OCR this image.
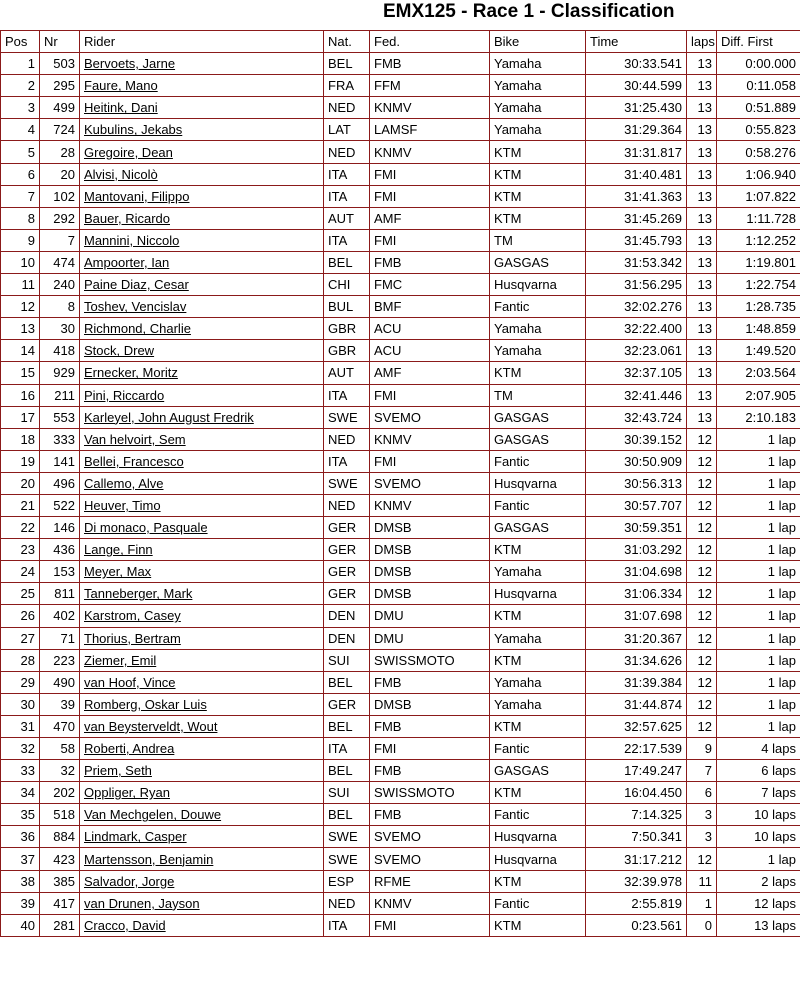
EMX125 - Race 1 - Classification
Pos	Nr	Rider	Nat.	Fed.	Bike	Time	laps	Diff. First	
1	503	Bervoets, Jarne	BEL	FMB	Yamaha	30:33.541	13	0:00.000	
2	295	Faure, Mano	FRA	FFM	Yamaha	30:44.599	13	0:11.058	
3	499	Heitink, Dani	NED	KNMV	Yamaha	31:25.430	13	0:51.889	
4	724	Kubulins, Jekabs	LAT	LAMSF	Yamaha	31:29.364	13	0:55.823	
5	28	Gregoire, Dean	NED	KNMV	KTM	31:31.817	13	0:58.276	
6	20	Alvisi, Nicolò	ITA	FMI	KTM	31:40.481	13	1:06.940	
7	102	Mantovani, Filippo	ITA	FMI	KTM	31:41.363	13	1:07.822	
8	292	Bauer, Ricardo	AUT	AMF	KTM	31:45.269	13	1:11.728	
9	7	Mannini, Niccolo	ITA	FMI	TM	31:45.793	13	1:12.252	
10	474	Ampoorter, Ian	BEL	FMB	GASGAS	31:53.342	13	1:19.801	
11	240	Paine Diaz, Cesar	CHI	FMC	Husqvarna	31:56.295	13	1:22.754	
12	8	Toshev, Vencislav	BUL	BMF	Fantic	32:02.276	13	1:28.735	
13	30	Richmond, Charlie	GBR	ACU	Yamaha	32:22.400	13	1:48.859	
14	418	Stock, Drew	GBR	ACU	Yamaha	32:23.061	13	1:49.520	
15	929	Ernecker, Moritz	AUT	AMF	KTM	32:37.105	13	2:03.564	
16	211	Pini, Riccardo	ITA	FMI	TM	32:41.446	13	2:07.905	
17	553	Karleyel, John August Fredrik	SWE	SVEMO	GASGAS	32:43.724	13	2:10.183	
18	333	Van helvoirt, Sem	NED	KNMV	GASGAS	30:39.152	12	1 lap	
19	141	Bellei, Francesco	ITA	FMI	Fantic	30:50.909	12	1 lap	
20	496	Callemo, Alve	SWE	SVEMO	Husqvarna	30:56.313	12	1 lap	
21	522	Heuver, Timo	NED	KNMV	Fantic	30:57.707	12	1 lap	
22	146	Di monaco, Pasquale	GER	DMSB	GASGAS	30:59.351	12	1 lap	
23	436	Lange, Finn	GER	DMSB	KTM	31:03.292	12	1 lap	
24	153	Meyer, Max	GER	DMSB	Yamaha	31:04.698	12	1 lap	
25	811	Tanneberger, Mark	GER	DMSB	Husqvarna	31:06.334	12	1 lap	
26	402	Karstrom, Casey	DEN	DMU	KTM	31:07.698	12	1 lap	
27	71	Thorius, Bertram	DEN	DMU	Yamaha	31:20.367	12	1 lap	
28	223	Ziemer, Emil	SUI	SWISSMOTO	KTM	31:34.626	12	1 lap	
29	490	van Hoof, Vince	BEL	FMB	Yamaha	31:39.384	12	1 lap	
30	39	Romberg, Oskar Luis	GER	DMSB	Yamaha	31:44.874	12	1 lap	
31	470	van Beysterveldt, Wout	BEL	FMB	KTM	32:57.625	12	1 lap	
32	58	Roberti, Andrea	ITA	FMI	Fantic	22:17.539	9	4 laps	
33	32	Priem, Seth	BEL	FMB	GASGAS	17:49.247	7	6 laps	
34	202	Oppliger, Ryan	SUI	SWISSMOTO	KTM	16:04.450	6	7 laps	
35	518	Van Mechgelen, Douwe	BEL	FMB	Fantic	7:14.325	3	10 laps	
36	884	Lindmark, Casper	SWE	SVEMO	Husqvarna	7:50.341	3	10 laps	
37	423	Martensson, Benjamin	SWE	SVEMO	Husqvarna	31:17.212	12	1 lap	
38	385	Salvador, Jorge	ESP	RFME	KTM	32:39.978	11	2 laps	
39	417	van Drunen, Jayson	NED	KNMV	Fantic	2:55.819	1	12 laps	
40	281	Cracco, David	ITA	FMI	KTM	0:23.561	0	13 laps	
